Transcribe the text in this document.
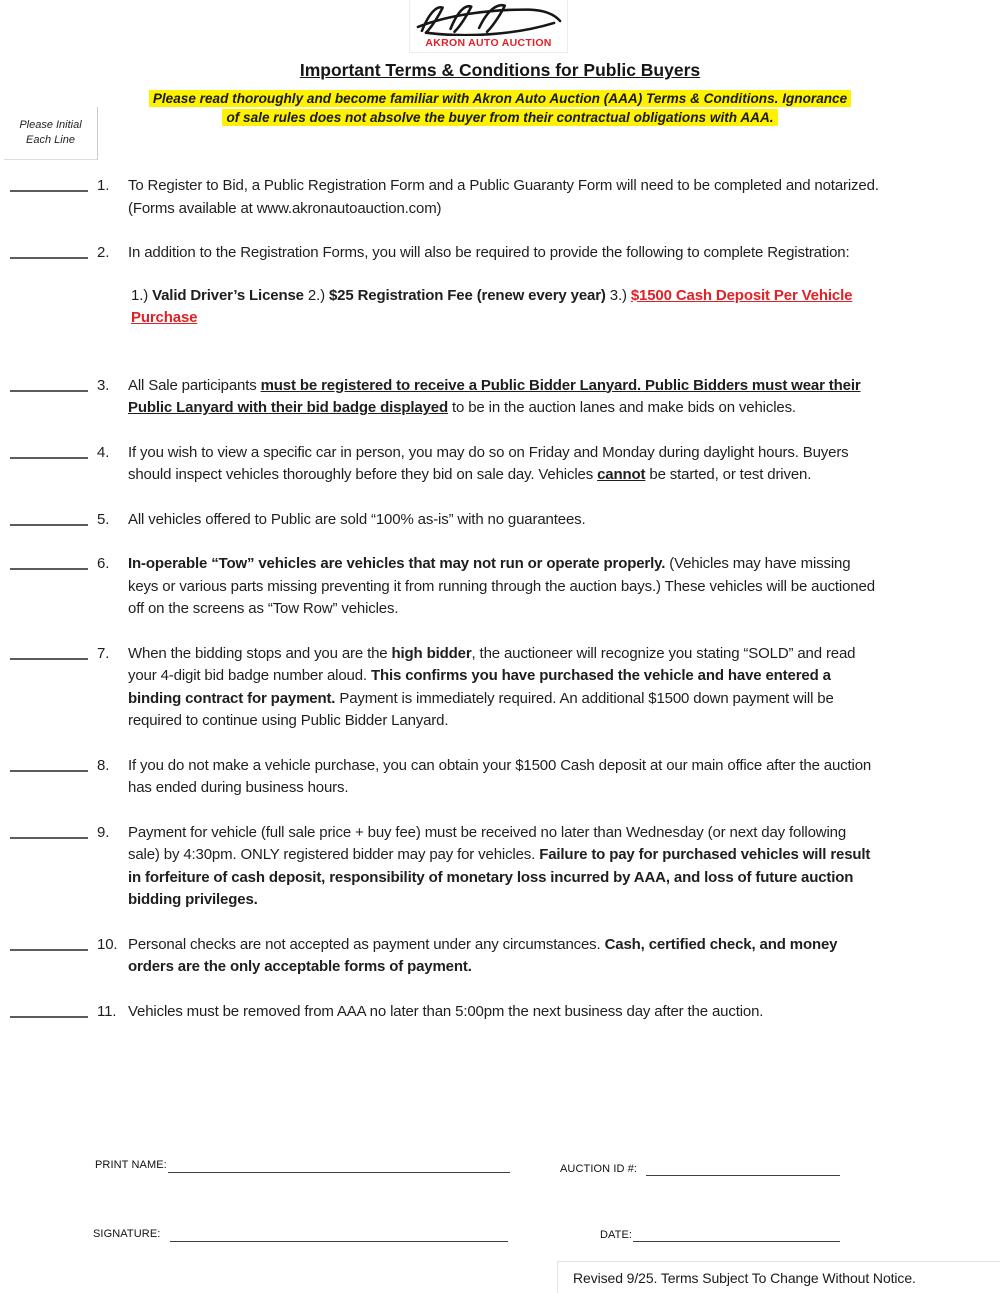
AKRON AUTO AUCTION
Important Terms & Conditions for Public Buyers
Please read thoroughly and become familiar with Akron Auto Auction (AAA) Terms & Conditions. Ignorance
of sale rules does not absolve the buyer from their contractual obligations with AAA.
Please Initial
Each Line
1.	To Register to Bid, a Public Registration Form and a Public Guaranty Form will need to be completed and notarized. (Forms available at www.akronautoauction.com)

2.	In addition to the Registration Forms, you will also be required to provide the following to complete Registration:

1.) Valid Driver’s License 2.) $25 Registration Fee (renew every year) 3.) $1500 Cash Deposit Per Vehicle Purchase

3.	All Sale participants must be registered to receive a Public Bidder Lanyard. Public Bidders must wear their Public Lanyard with their bid badge displayed to be in the auction lanes and make bids on vehicles.

4.	If you wish to view a specific car in person, you may do so on Friday and Monday during daylight hours. Buyers should inspect vehicles thoroughly before they bid on sale day. Vehicles cannot be started, or test driven.

5.	All vehicles offered to Public are sold “100% as-is” with no guarantees.

6.	In-operable “Tow” vehicles are vehicles that may not run or operate properly. (Vehicles may have missing keys or various parts missing preventing it from running through the auction bays.) These vehicles will be auctioned off on the screens as “Tow Row” vehicles.

7.	When the bidding stops and you are the high bidder, the auctioneer will recognize you stating “SOLD” and read your 4-digit bid badge number aloud. This confirms you have purchased the vehicle and have entered a binding contract for payment. Payment is immediately required. An additional $1500 down payment will be required to continue using Public Bidder Lanyard.

8.	If you do not make a vehicle purchase, you can obtain your $1500 Cash deposit at our main office after the auction has ended during business hours.

9.	Payment for vehicle (full sale price + buy fee) must be received no later than Wednesday (or next day following sale) by 4:30pm. ONLY registered bidder may pay for vehicles. Failure to pay for purchased vehicles will result in forfeiture of cash deposit, responsibility of monetary loss incurred by AAA, and loss of future auction bidding privileges.

10. Personal checks are not accepted as payment under any circumstances. Cash, certified check, and money orders are the only acceptable forms of payment.

11. Vehicles must be removed from AAA no later than 5:00pm the next business day after the auction.

PRINT NAME:	AUCTION ID #:
SIGNATURE:	DATE:
Revised 9/25. Terms Subject To Change Without Notice.
